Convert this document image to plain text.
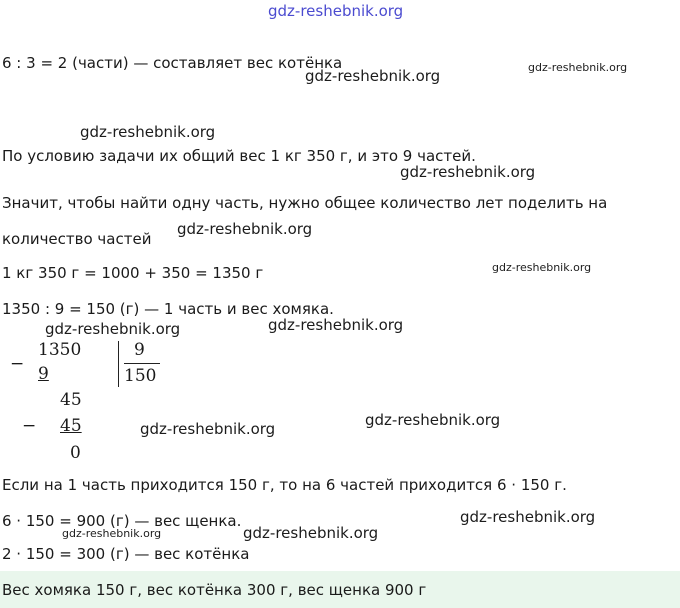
gdz-reshebnik.org
gdz-reshebnik.org	gdz-reshebnik.org
gdz-reshebnik.org
gdz-reshebnik.org
gdz-reshebnik.org
gdz-reshebnik.org
gdz-reshebnik.org	gdz-reshebnik.org
gdz-reshebnik.org
gdz-reshebnik.org
gdz-reshebnik.org
gdz-reshebnik.org	gdz-reshebnik.org
6 : 3 = 2 (части) — составляет вес котёнка
По условию задачи их общий вес 1 кг 350 г, и это 9 частей.
Значит, чтобы найти одну часть, нужно общее количество лет поделить на
количество частей
1 кг 350 г = 1000 + 350 = 1350 г
1350 : 9 = 150 (г) — 1 часть и вес хомяка.
−
1350
9
9
150
45
− 45
0
Если на 1 часть приходится 150 г, то на 6 частей приходится 6 · 150 г.
6 · 150 = 900 (г) — вес щенка.
2 · 150 = 300 (г) — вес котёнка
Вес хомяка 150 г, вес котёнка 300 г, вес щенка 900 г
